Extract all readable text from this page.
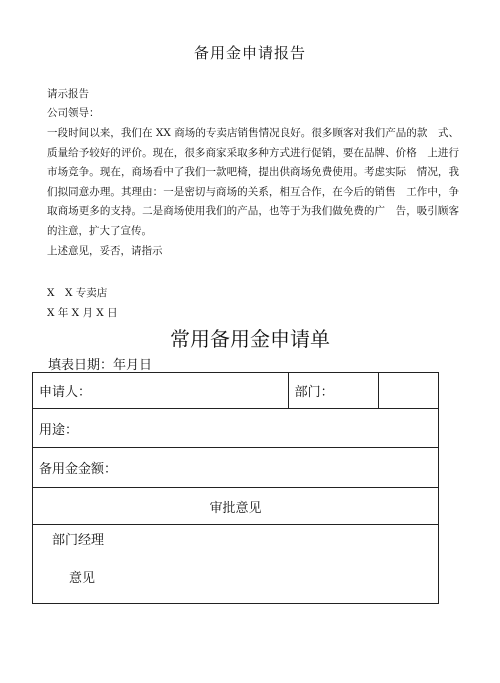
备用金申请报告
请示报告
公司领导：
一段时间以来，我们在 XX 商场的专卖店销售情况良好。很多顾客对我们产品的款　式、质量给予较好的评价。现在，很多商家采取多种方式进行促销，要在品牌、价格　上进行市场竞争。现在，商场看中了我们一款吧椅，提出供商场免费使用。考虑实际　情况，我们拟同意办理。其理由：一是密切与商场的关系，相互合作，在今后的销售　工作中，争取商场更多的支持。二是商场使用我们的产品，也等于为我们做免费的广　告，吸引顾客的注意，扩大了宣传。
上述意见，妥否，请指示
X　X 专卖店
X 年 X 月 X 日
常用备用金申请单
填表日期：年月日
申请人：	部门：

用途：

备用金金额：

审批意见

部门经理
意见
